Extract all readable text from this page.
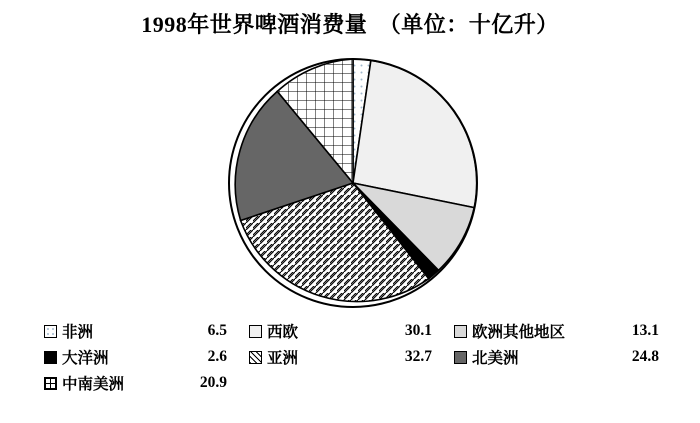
1998年世界啤酒消费量　（单位：十亿升）
非洲	6.5	西欧	30.1	欧洲其他地区	13.1
大洋洲	2.6	亚洲	32.7	北美洲	24.8
中南美洲	20.9
